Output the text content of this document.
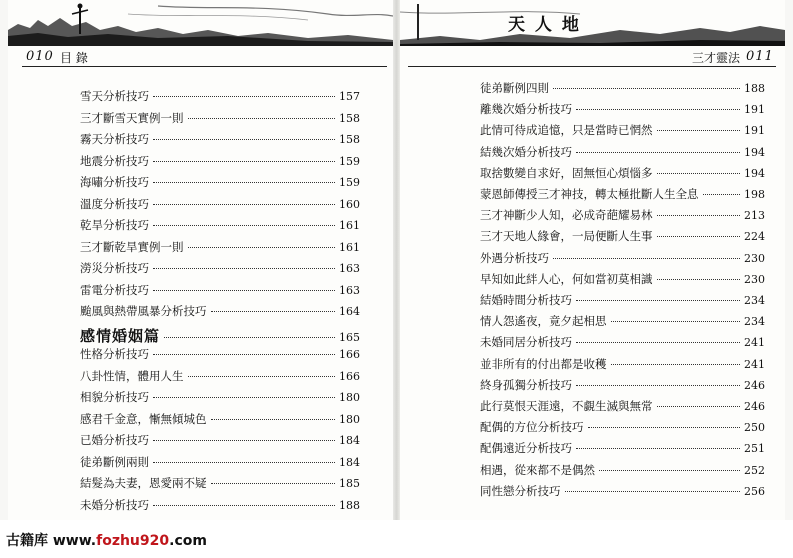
010 目 錄
雪天分析技巧	157
三才斷雪天實例一則	158
霧天分析技巧	158
地震分析技巧	159
海嘯分析技巧	159
溫度分析技巧	160
乾旱分析技巧	161
三才斷乾旱實例一則	161
澇災分析技巧	163
雷電分析技巧	163
颱風與熱帶風暴分析技巧	164
感情婚姻篇	165
性格分析技巧	166
八卦性情，體用人生	166
相貌分析技巧	180
感君千金意，慚無傾城色	180
已婚分析技巧	184
徒弟斷例兩則	184
結髮為夫妻，恩愛兩不疑	185
未婚分析技巧	188
天 人 地
三才靈法 011
徒弟斷例四則	188
離幾次婚分析技巧	191
此情可待成追憶，只是當時已惘然	191
結幾次婚分析技巧	194
取捨數變自求好，固無恒心煩惱多	194
蒙恩師傳授三才神技，轉太極批斷人生全息	198
三才神斷少人知，必成奇葩耀易林	213
三才天地人緣會，一局便斷人生事	224
外遇分析技巧	230
早知如此絆人心，何如當初莫相識	230
結婚時間分析技巧	234
情人怨遙夜，竟夕起相思	234
未婚同居分析技巧	241
並非所有的付出都是收穫	241
終身孤獨分析技巧	246
此行莫恨天涯遠，不覷生滅與無常	246
配偶的方位分析技巧	250
配偶遠近分析技巧	251
相遇，從來都不是偶然	252
同性戀分析技巧	256
古籍库 www.fozhu920.com
